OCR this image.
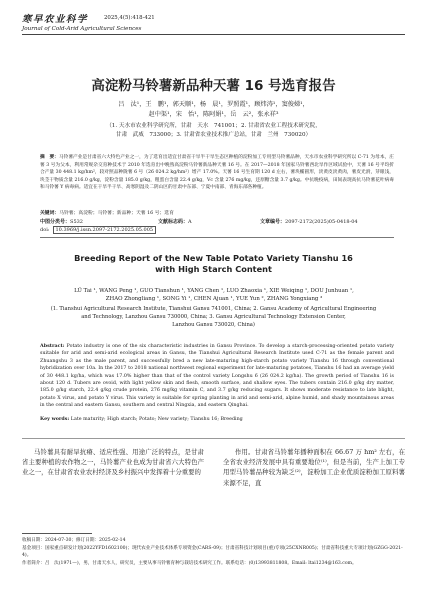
寒早农业科学	2025,4(5):418-421
Journal of Cold-Arid Agricultural Sciences
高淀粉马铃薯新品种天薯 16 号选育报告
吕　汰¹，王　鹏¹，郭天顺¹，杨　晨¹，罗照霞¹，顾炜涛¹，窦俊娣¹，
赵中渠¹，宋　怡¹，陈阿娟¹，岳　云²，张永祥³
（1. 天水市农业科学研究所，甘肃　天水　741001；2. 甘肃省农业工程技术研究院，
甘肃　武威　733000；3. 甘肃省农业技术推广总站，甘肃　兰州　730020）
摘　要：马铃薯产业是甘肃省六大特色产业之一，为了选育出适宜甘肃省干旱半干旱生态区种植的淀粉加工专用型马铃薯品种，天水市农业科学研究所以 C-71 为母本，庄薯 3 号为父本，利用常规杂交育种技术于 2010 年选育出中晚熟高淀粉马铃薯新品种天薯 16 号。在 2017—2018 年国家马铃薯西北旱作区域试验中，天薯 16 号平均折合产量 30 448.1 kg/hm²，较对照品种陇薯 6 号（26 024.2 kg/hm²）增产 17.0%。天薯 16 号生育期 120 d 左右，薯块椭圆形，淡黄皮淡黄肉，薯皮光滑，芽眼浅，块茎干物质含量 216.0 g/kg，淀粉含量 185.0 g/kg，粗蛋白含量 22.4 g/kg，Vc 含量 276 mg/kg，还原糖含量 3.7 g/kg。中抗晚疫病，田间表现高抗马铃薯花叶病毒和马铃薯 Y 病毒病。适宜在干旱半干旱、高寒阴湿及二阴山区的甘肃中东部、宁夏中南部、青海东部各种植。
关键词：马铃薯；高淀粉；马铃薯；新品种；天薯 16 号；选育
中图分类号：S532	文献标志码：A	文章编号：2097-2172(2025)05-0418-04
doi: 10.3969/j.issn.2097-2172.2025.05.005
Breeding Report of the New Table Potato Variety Tianshu 16
with High Starch Content
LÜ Tai ¹, WANG Peng ¹, GUO Tianshun ¹, YANG Chen ¹, LUO Zhaoxia ¹, XIE Weiqing ¹, DOU Junhuan ¹,
ZHAO Zhongliang ¹, SONG Yi ¹, CHEN Ajuan ¹, YUE Yun ², ZHANG Yongxiang ³
(1. Tianshui Agricultural Research Institute, Tianshui Gansu 741001, China; 2. Gansu Academy of Agricultural Engineering
and Technology, Lanzhou Gansu 730000, China; 3. Gansu Agricultural Technology Extension Center,
Lanzhou Gansu 730020, China)
Abstract: Potato industry is one of the six characteristic industries in Gansu Province. To develop a starch-processing-oriented potato variety suitable for arid and semi-arid ecological areas in Gansu, the Tianshui Agricultural Research Institute used C-71 as the female parent and Zhuangshu 3 as the male parent, and successfully bred a new late-maturing high-starch potato variety Tianshu 16 through conventional hybridization over 10a. In the 2017 to 2018 national northwest regional experiment for late-maturing potatoes, Tianshu 16 had an average yield of 30 448.1 kg/ha, which was 17.0% higher than that of the control variety Longshu 6 (26 024.2 kg/ha). The growth period of Tianshu 16 is about 120 d. Tubers are ovoid, with light yellow skin and flesh, smooth surface, and shallow eyes. The tubers contain 216.0 g/kg dry matter, 185.0 g/kg starch, 22.4 g/kg crude protein, 276 mg/kg vitamin C, and 3.7 g/kg reducing sugars. It shows moderate resistance to late blight, potato X virus, and potato Y virus. This variety is suitable for spring planting in arid and semi-arid, alpine humid, and shady mountainous areas in the central and eastern Gansu, southern and central Ningxia, and eastern Qinghai.
Key words: Late maturity; High starch; Potato; New variety; Tianshu 16; Breeding
马铃薯具有耐旱抗瘠、适应性强、用途广泛的特点，是甘肃省主要种植的农作物之一，马铃薯产业也成为甘肃省六大特色产业之一，在甘肃省农业农村经济及乡村振兴中发挥着十分重要的
作用。甘肃省马铃薯年播种面积在 66.67 万 hm² 左右，在全省农业经济发展中具有重要地位⁽¹⁾，但是当前，生产上加工专用型马铃薯品种较为缺乏⁽²⁾，淀粉加工企业优质淀粉加工原料薯来源不足，直

收稿日期：2024-07-30；修订日期：2025-02-14

基金项目：国家重点研发计划(2022YFD1602100)；现代农业产业技术体系专项资金(CARS-09)；甘肃省科技计划项目(重)专项(25CXNR005)；甘肃省科技重大专项计划(GZGG-2021-4)。

作者简介：吕　汰(1971—)，男，甘肃天水人，研究员，主要从事马铃薯育种与栽培技术研究工作。联系电话：(0)13993811808。Email: ltai1234@163.com。
